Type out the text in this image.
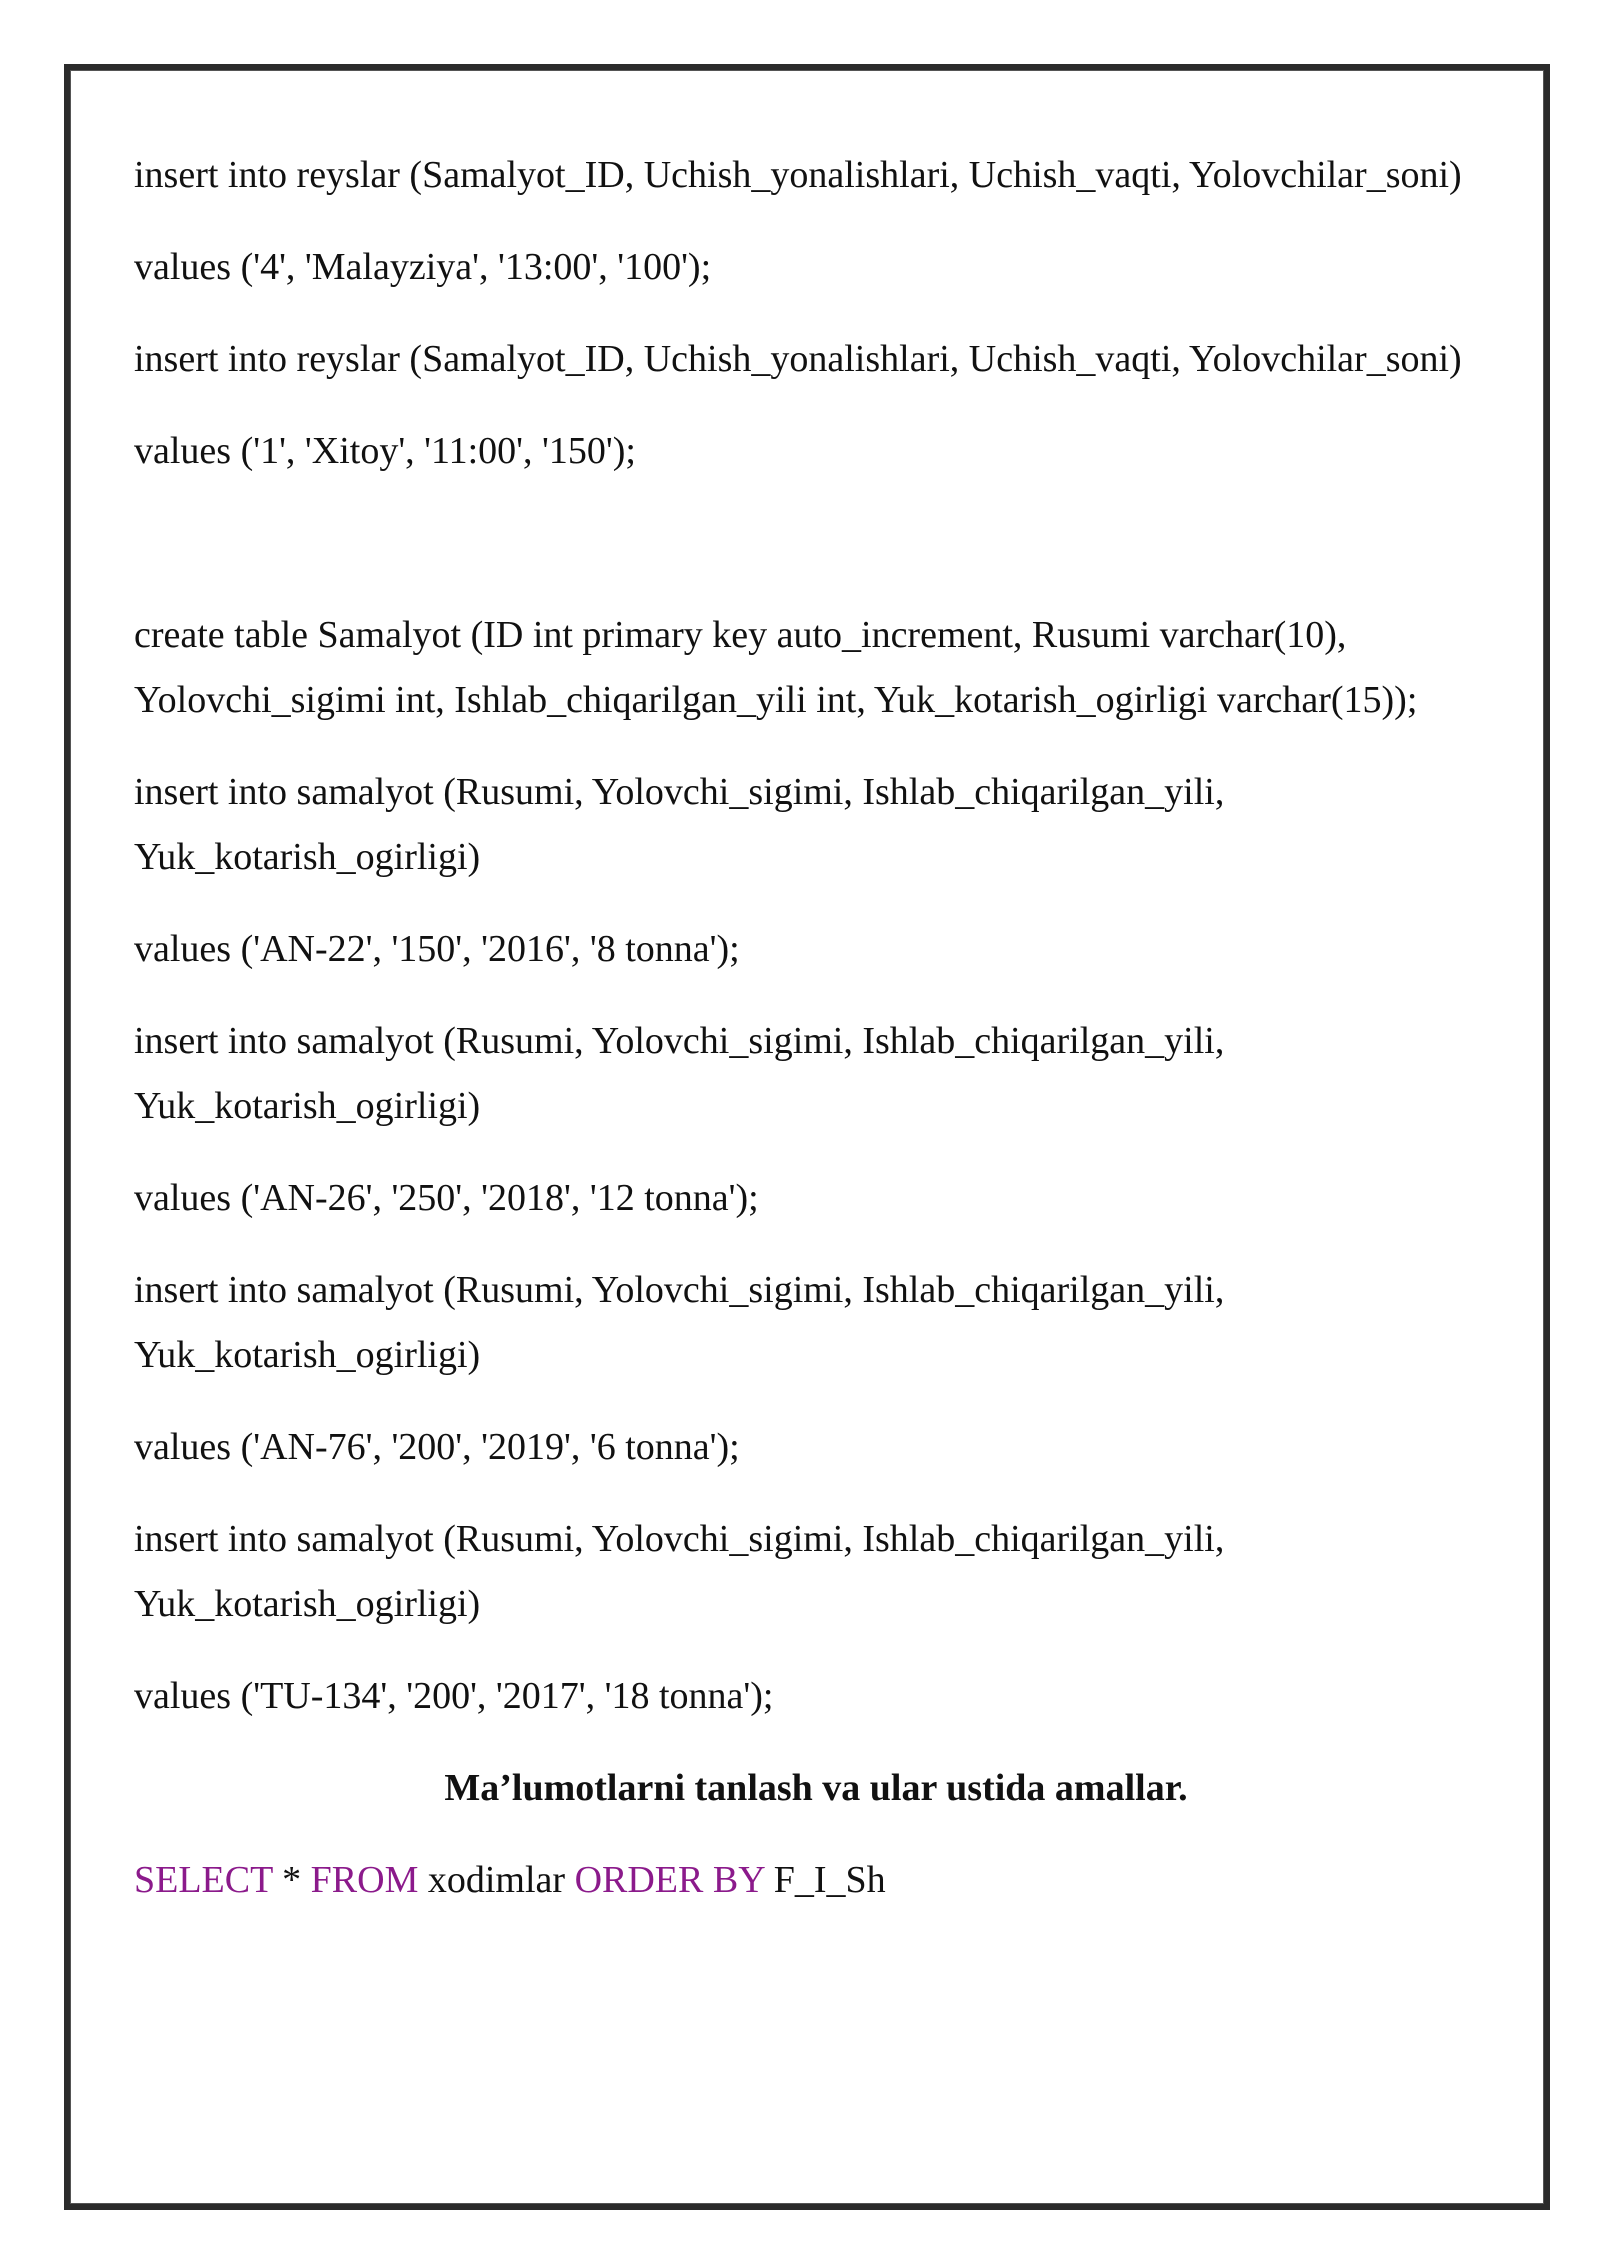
insert into reyslar (Samalyot_ID, Uchish_yonalishlari, Uchish_vaqti, Yolovchilar_soni)

values ('4', 'Malayziya', '13:00', '100');

insert into reyslar (Samalyot_ID, Uchish_yonalishlari, Uchish_vaqti, Yolovchilar_soni)

values ('1', 'Xitoy', '11:00', '150');

create table Samalyot (ID int primary key auto_increment, Rusumi varchar(10),

Yolovchi_sigimi int, Ishlab_chiqarilgan_yili int, Yuk_kotarish_ogirligi varchar(15));

insert into samalyot (Rusumi, Yolovchi_sigimi, Ishlab_chiqarilgan_yili,

Yuk_kotarish_ogirligi)

values ('AN-22', '150', '2016', '8 tonna');

insert into samalyot (Rusumi, Yolovchi_sigimi, Ishlab_chiqarilgan_yili,

Yuk_kotarish_ogirligi)

values ('AN-26', '250', '2018', '12 tonna');

insert into samalyot (Rusumi, Yolovchi_sigimi, Ishlab_chiqarilgan_yili,

Yuk_kotarish_ogirligi)

values ('AN-76', '200', '2019', '6 tonna');

insert into samalyot (Rusumi, Yolovchi_sigimi, Ishlab_chiqarilgan_yili,

Yuk_kotarish_ogirligi)

values ('TU-134', '200', '2017', '18 tonna');

Ma’lumotlarni tanlash va ular ustida amallar.

SELECT * FROM xodimlar ORDER BY F_I_Sh
